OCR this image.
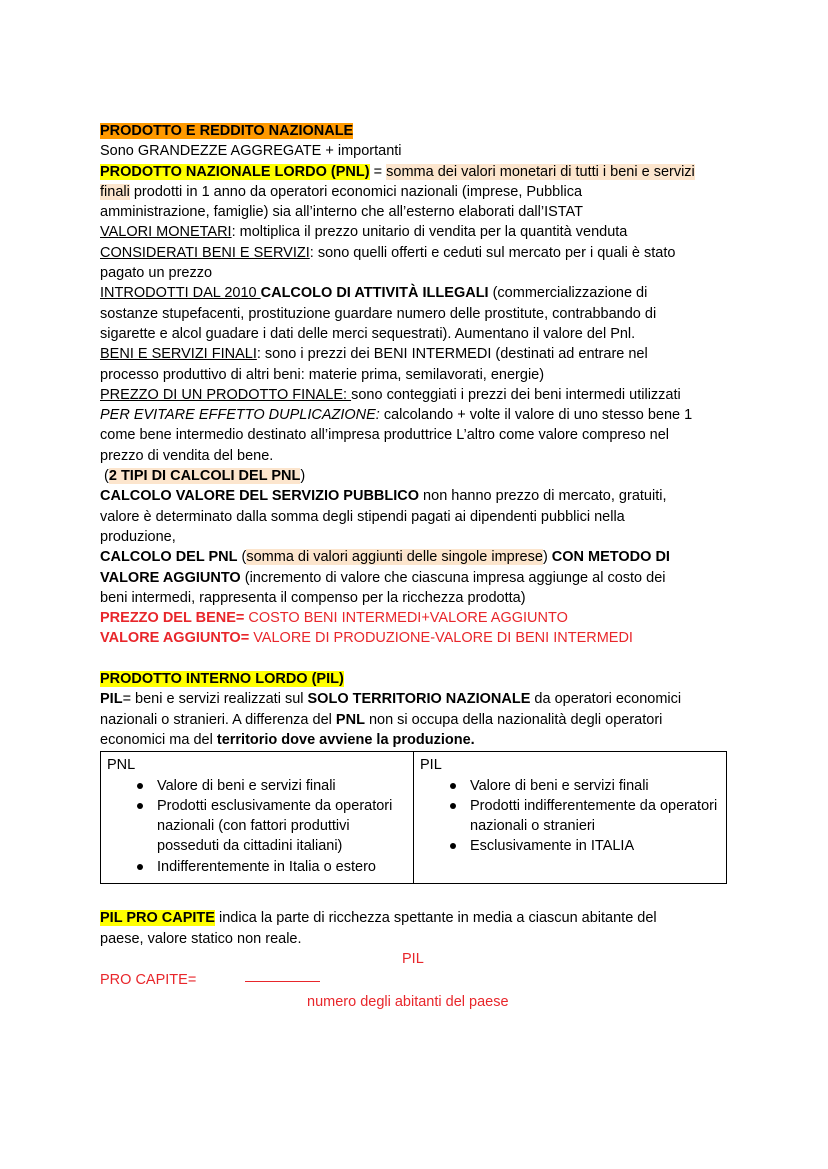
PRODOTTO E REDDITO NAZIONALE
Sono GRANDEZZE AGGREGATE + importanti
PRODOTTO NAZIONALE LORDO (PNL) = somma dei valori monetari di tutti i beni e servizi
finali prodotti in 1 anno da operatori economici nazionali (imprese, Pubblica
amministrazione, famiglie) sia all’interno che all’esterno elaborati dall’ISTAT
VALORI MONETARI: moltiplica il prezzo unitario di vendita per la quantità venduta
CONSIDERATI BENI E SERVIZI: sono quelli offerti e ceduti sul mercato per i quali è stato
pagato un prezzo
INTRODOTTI DAL 2010 CALCOLO DI ATTIVITÀ ILLEGALI (commercializzazione di
sostanze stupefacenti, prostituzione guardare numero delle prostitute, contrabbando di
sigarette e alcol guadare i dati delle merci sequestrati). Aumentano il valore del Pnl.
BENI E SERVIZI FINALI: sono i prezzi dei BENI INTERMEDI (destinati ad entrare nel
processo produttivo di altri beni: materie prima, semilavorati, energie)
PREZZO DI UN PRODOTTO FINALE: sono conteggiati i prezzi dei beni intermedi utilizzati
PER EVITARE EFFETTO DUPLICAZIONE: calcolando + volte il valore di uno stesso bene 1
come bene intermedio destinato all’impresa produttrice L’altro come valore compreso nel
prezzo di vendita del bene.
(2 TIPI DI CALCOLI DEL PNL)
CALCOLO VALORE DEL SERVIZIO PUBBLICO non hanno prezzo di mercato, gratuiti,
valore è determinato dalla somma degli stipendi pagati ai dipendenti pubblici nella
produzione,
CALCOLO DEL PNL (somma di valori aggiunti delle singole imprese) CON METODO DI
VALORE AGGIUNTO (incremento di valore che ciascuna impresa aggiunge al costo dei
beni intermedi, rappresenta il compenso per la ricchezza prodotta)
PREZZO DEL BENE= COSTO BENI INTERMEDI+VALORE AGGIUNTO
VALORE AGGIUNTO= VALORE DI PRODUZIONE-VALORE DI BENI INTERMEDI
PRODOTTO INTERNO LORDO (PIL)
PIL= beni e servizi realizzati sul SOLO TERRITORIO NAZIONALE da operatori economici
nazionali o stranieri. A differenza del PNL non si occupa della nazionalità degli operatori
economici ma del territorio dove avviene la produzione.
PNL
Valore di beni e servizi finali
Prodotti esclusivamente da operatori nazionali (con fattori produttivi posseduti da cittadini italiani)
Indifferentemente in Italia o estero

PIL
Valore di beni e servizi finali
Prodotti indifferentemente da operatori nazionali o stranieri
Esclusivamente in ITALIA
PIL PRO CAPITE indica la parte di ricchezza spettante in media a ciascun abitante del
paese, valore statico non reale.
PIL
PRO CAPITE=
numero degli abitanti del paese
